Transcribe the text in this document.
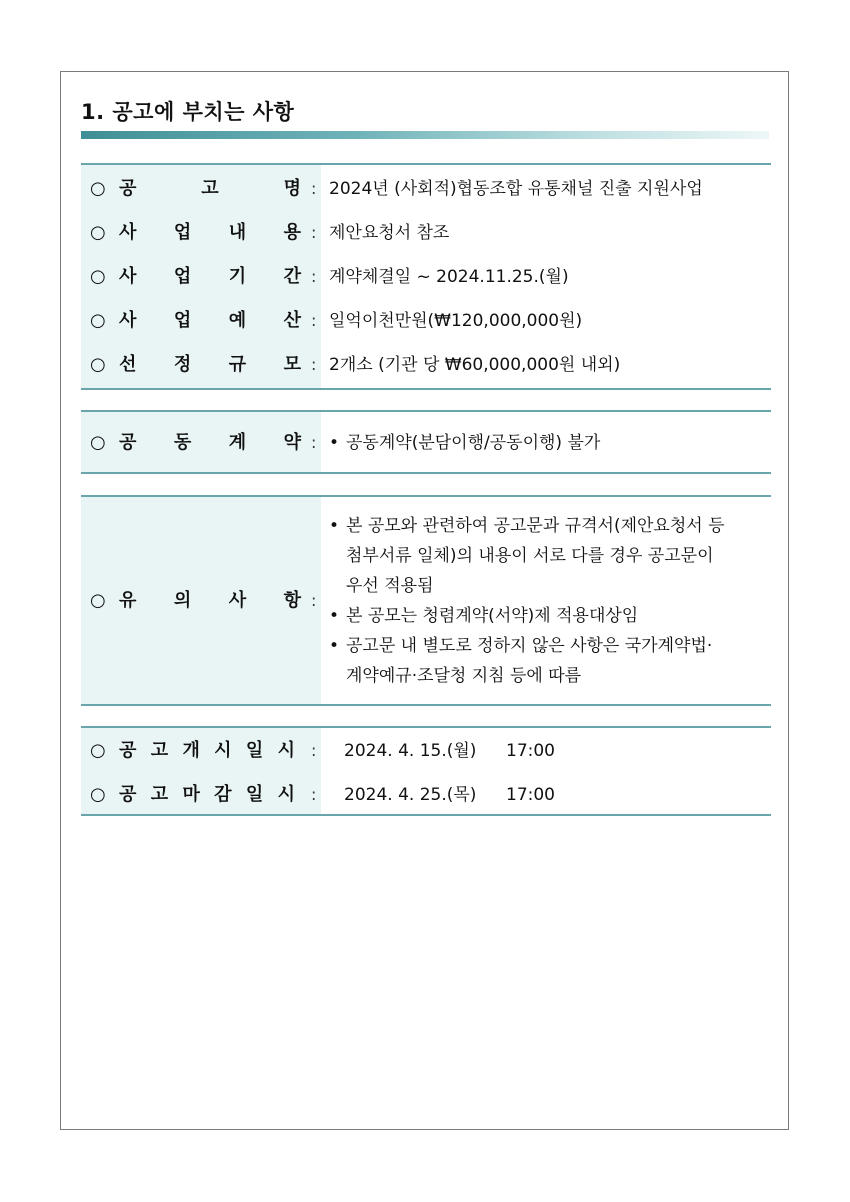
1. 공고에 부치는 사항
○ 공	고	명 : 2024년 (사회적)협동조합 유통채널 진출 지원사업
○ 사 업 내 용 : 제안요청서 참조
○ 사 업 기 간 : 계약체결일 ~ 2024.11.25.(월)
○ 사 업 예 산 : 일억이천만원(₩120,000,000원)
○ 선 정 규 모 : 2개소 (기관 당 ₩60,000,000원 내외)
○ 공 동 계 약 : • 공동계약(분담이행/공동이행) 불가
○ 유 의 사 항 :
• 본 공모와 관련하여 공고문과 규격서(제안요청서 등
첨부서류 일체)의 내용이 서로 다를 경우 공고문이
우선 적용됨
• 본 공모는 청렴계약(서약)제 적용대상임
• 공고문 내 별도로 정하지 않은 사항은 국가계약법·
계약예규·조달청 지침 등에 따름
○ 공 고 개 시 일 시 : 2024. 4. 15.(월) 17:00
○ 공 고 마 감 일 시 : 2024. 4. 25.(목) 17:00
